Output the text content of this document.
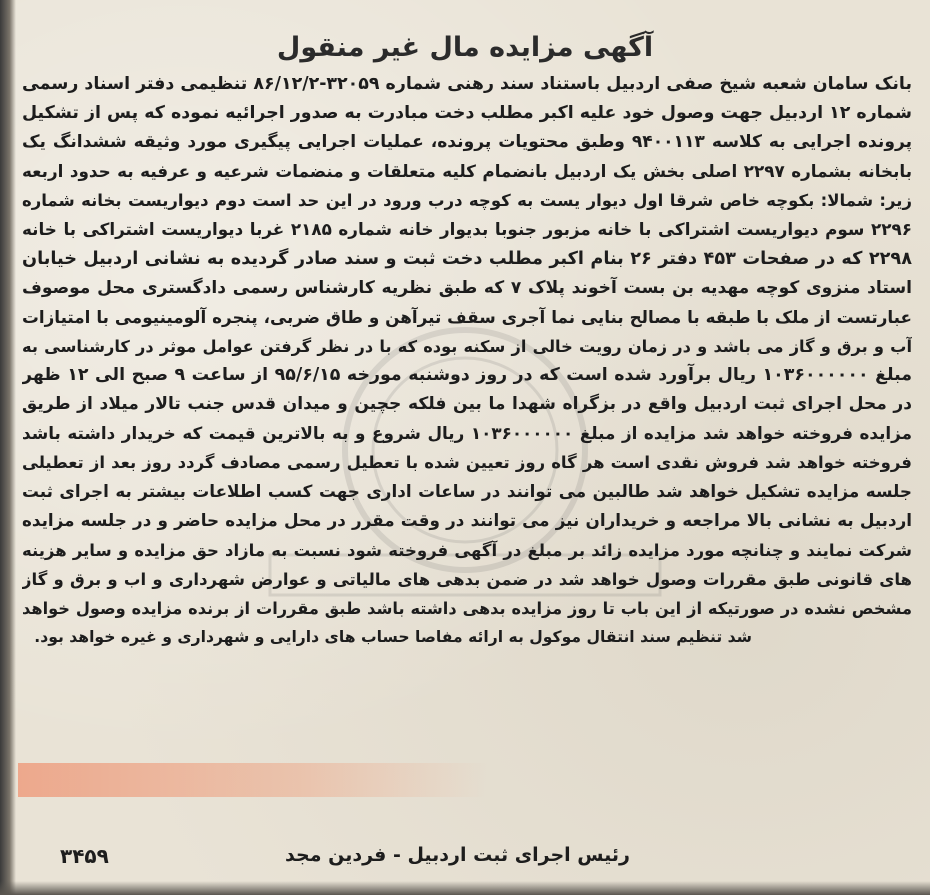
آگهی مزایده مال غیر منقول
بانک سامان شعبه شیخ صفی اردبیل باستناد سند رهنی شماره ۳۲۰۵۹-۸۶/۱۲/۲ تنظیمی دفتر اسناد رسمی
شماره ۱۲ اردبیل جهت وصول خود علیه اکبر مطلب دخت مبادرت به صدور اجرائیه نموده که پس از تشکیل
پرونده اجرایی به کلاسه ۹۴۰۰۱۱۳ وطبق محتویات پرونده، عملیات اجرایی پیگیری مورد وثیقه ششدانگ یک
بابخانه بشماره ۲۲۹۷ اصلی بخش یک اردبیل بانضمام کلیه متعلقات و منضمات شرعیه و عرفیه به حدود اربعه
زیر: شمالا: بکوچه خاص شرقا اول دیوار یست به کوچه درب ورود در این حد است دوم دیواریست بخانه شماره
۲۲۹۶ سوم دیواریست اشتراکی با خانه مزبور جنوبا بدیوار خانه شماره ۲۱۸۵ غربا دیواریست اشتراکی با خانه
۲۲۹۸ که در صفحات ۴۵۳ دفتر ۲۶ بنام اکبر مطلب دخت ثبت و سند صادر گردیده به نشانی اردبیل خیابان
استاد منزوی کوچه مهدیه بن بست آخوند پلاک ۷ که طبق نظریه کارشناس رسمی دادگستری محل موصوف
عبارتست از ملک با طبقه با مصالح بنایی نما آجری سقف تیرآهن و طاق ضربی، پنجره آلومینیومی با امتیازات
آب و برق و گاز می باشد و در زمان رویت خالی از سکنه بوده که با در نظر گرفتن عوامل موثر در کارشناسی به
مبلغ ۱۰۳۶۰۰۰۰۰۰ ریال برآورد شده است که در روز دوشنبه مورخه ۹۵/۶/۱۵ از ساعت ۹ صبح الی ۱۲ ظهر
در محل اجرای ثبت اردبیل واقع در بزگراه شهدا ما بین فلکه جچین و میدان قدس جنب تالار میلاد از طریق
مزایده فروخته خواهد شد مزایده از مبلغ ۱۰۳۶۰۰۰۰۰۰ ریال شروع و به بالاترین قیمت که خریدار داشته باشد
فروخته خواهد شد فروش نقدی است هر گاه روز تعیین شده با تعطیل رسمی مصادف گردد روز بعد از تعطیلی
جلسه مزایده تشکیل خواهد شد طالبین می توانند در ساعات اداری جهت کسب اطلاعات بیشتر به اجرای ثبت
اردبیل به نشانی بالا مراجعه و خریداران نیز می توانند در وقت مقرر در محل مزایده حاضر و در جلسه مزایده
شرکت نمایند و چنانچه مورد مزایده زائد بر مبلغ در آگهی فروخته شود نسبت به مازاد حق مزایده و سایر هزینه
های قانونی طبق مقررات وصول خواهد شد در ضمن بدهی های مالیاتی و عوارض شهرداری و اب و برق و گاز
مشخص نشده در صورتیکه از این باب تا روز مزایده بدهی داشته باشد طبق مقررات از برنده مزایده وصول خواهد
شد تنظیم سند انتقال موکول به ارائه مفاصا حساب های دارایی و شهرداری و غیره خواهد بود.
رئیس اجرای ثبت اردبیل - فردین مجد
۳۴۵۹
